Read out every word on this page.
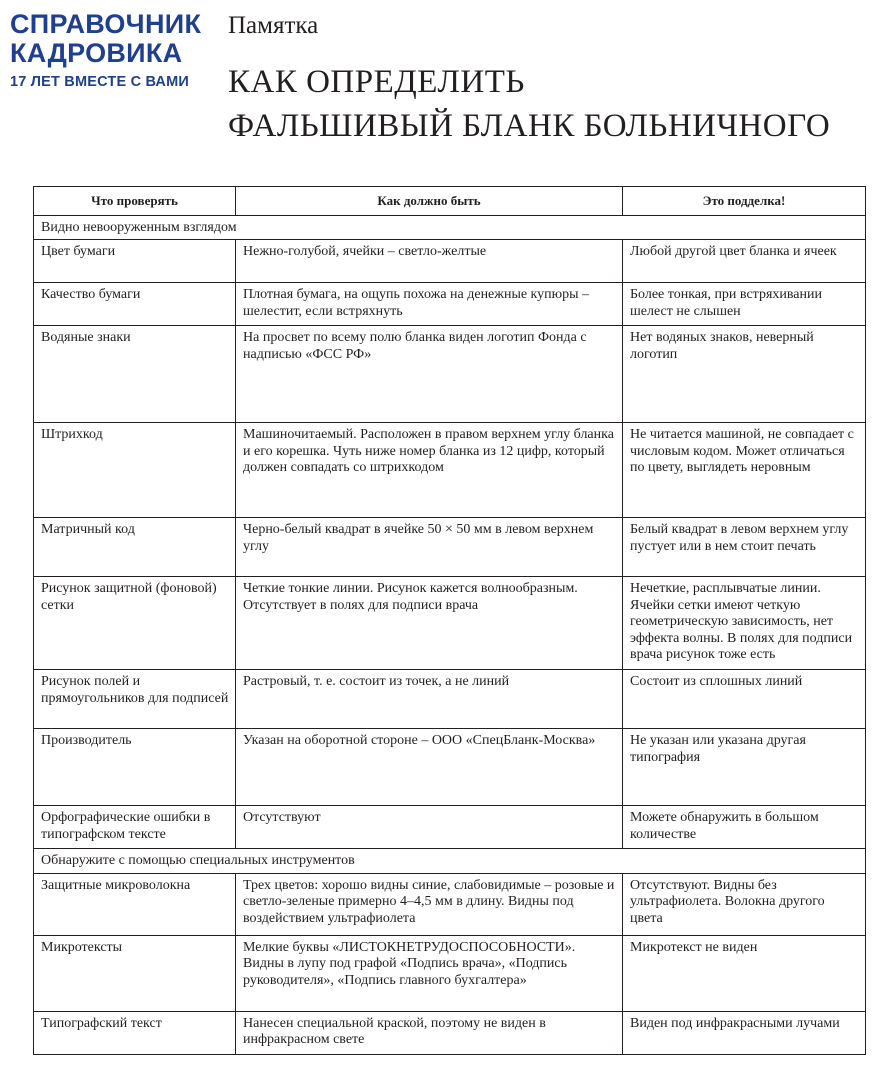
СПРАВОЧНИК
КАДРОВИКА
17 ЛЕТ ВМЕСТЕ С ВАМИ
Памятка
КАК ОПРЕДЕЛИТЬ
ФАЛЬШИВЫЙ БЛАНК БОЛЬНИЧНОГО
Что проверять	Как должно быть	Это подделка!
Видно невооруженным взглядом		
Цвет бумаги	Нежно-голубой, ячейки – светло-желтые	Любой другой цвет бланка и ячеек
Качество бумаги	Плотная бумага, на ощупь похожа на денежные купюры – шелестит, если встряхнуть	Более тонкая, при встряхивании шелест не слышен
Водяные знаки	На просвет по всему полю бланка виден логотип Фонда с надписью «ФСС РФ»	Нет водяных знаков, неверный логотип
Штрихкод	Машиночитаемый. Расположен в правом верхнем углу бланка и его корешка. Чуть ниже номер бланка из 12 цифр, который должен совпадать со штрихкодом	Не читается машиной, не совпадает с числовым кодом. Может отличаться по цвету, выглядеть неровным
Матричный код	Черно-белый квадрат в ячейке 50 × 50 мм в левом верхнем углу	Белый квадрат в левом верхнем углу пустует или в нем стоит печать
Рисунок защитной (фоновой) сетки	Четкие тонкие линии. Рисунок кажется волнообразным. Отсутствует в полях для подписи врача	Нечеткие, расплывчатые линии. Ячейки сетки имеют четкую геометрическую зависимость, нет эффекта волны. В полях для подписи врача рисунок тоже есть
Рисунок полей и прямоугольников для подписей	Растровый, т. е. состоит из точек, а не линий	Состоит из сплошных линий
Производитель	Указан на оборотной стороне – ООО «СпецБланк-Москва»	Не указан или указана другая типография
Орфографические ошибки в типографском тексте	Отсутствуют	Можете обнаружить в большом количестве
Обнаружите с помощью специальных инструментов		
Защитные микроволокна	Трех цветов: хорошо видны синие, слабовидимые – розовые и светло-зеленые примерно 4–4,5 мм в длину. Видны под воздействием ультрафиолета	Отсутствуют. Видны без ультрафиолета. Волокна другого цвета
Микротексты	Мелкие буквы «ЛИСТОКНЕТРУДОСПОСОБНОСТИ». Видны в лупу под графой «Подпись врача», «Подпись руководителя», «Подпись главного бухгалтера»	Микротекст не виден
Типографский текст	Нанесен специальной краской, поэтому не виден в инфракрасном свете	Виден под инфракрасными лучами
